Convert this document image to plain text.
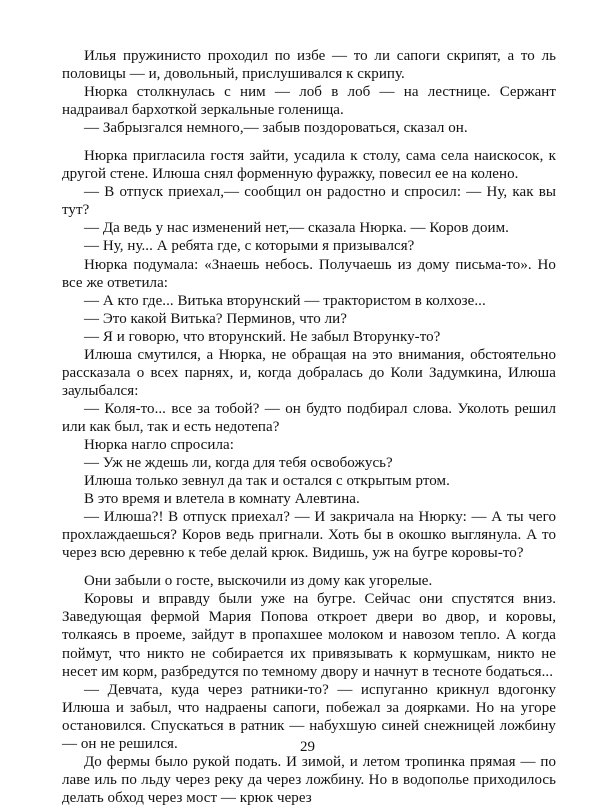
Илья пружинисто проходил по избе — то ли сапоги скрипят, а то ль половицы — и, довольный, прислушивался к скрипу.

Нюрка столкнулась с ним — лоб в лоб — на лестнице. Сержант надраивал бархоткой зеркальные голенища.

— Забрызгался немного,— забыв поздороваться, сказал он.

Нюрка пригласила гостя зайти, усадила к столу, сама села наискосок, к другой стене. Илюша снял форменную фуражку, повесил ее на колено.

— В отпуск приехал,— сообщил он радостно и спросил: — Ну, как вы тут?

— Да ведь у нас изменений нет,— сказала Нюрка. — Коров доим.

— Ну, ну... А ребята где, с которыми я призывался?

Нюрка подумала: «Знаешь небось. Получаешь из дому письма-то». Но все же ответила:

— А кто где... Витька вторунский — трактористом в колхозе...

— Это какой Витька? Перминов, что ли?

— Я и говорю, что вторунский. Не забыл Вторунку-то?

Илюша смутился, а Нюрка, не обращая на это внимания, обстоятельно рассказала о всех парнях, и, когда добралась до Коли Задумкина, Илюша заулыбался:

— Коля-то... все за тобой? — он будто подбирал слова. Уколоть решил или как был, так и есть недотепа?

Нюрка нагло спросила:

— Уж не ждешь ли, когда для тебя освобожусь?

Илюша только зевнул да так и остался с открытым ртом.

В это время и влетела в комнату Алевтина.

— Илюша?! В отпуск приехал? — И закричала на Нюрку: — А ты чего прохлаждаешься? Коров ведь пригнали. Хоть бы в окошко выглянула. А то через всю деревню к тебе делай крюк. Видишь, уж на бугре коровы-то?

Они забыли о госте, выскочили из дому как угорелые.

Коровы и вправду были уже на бугре. Сейчас они спустятся вниз. Заведующая фермой Мария Попова откроет двери во двор, и коровы, толкаясь в проеме, зайдут в пропахшее молоком и навозом тепло. А когда поймут, что никто не собирается их привязывать к кормушкам, никто не несет им корм, разбредутся по темному двору и начнут в тесноте бодаться...

— Девчата, куда через ратники-то? — испуганно крикнул вдогонку Илюша и забыл, что надраены сапоги, побежал за доярками. Но на угоре остановился. Спускаться в ратник — набухшую синей снежницей ложбину — он не решился.

До фермы было рукой подать. И зимой, и летом тропинка прямая — по лаве иль по льду через реку да через ложбину. Но в водополье приходилось делать обход через мост — крюк через

29
